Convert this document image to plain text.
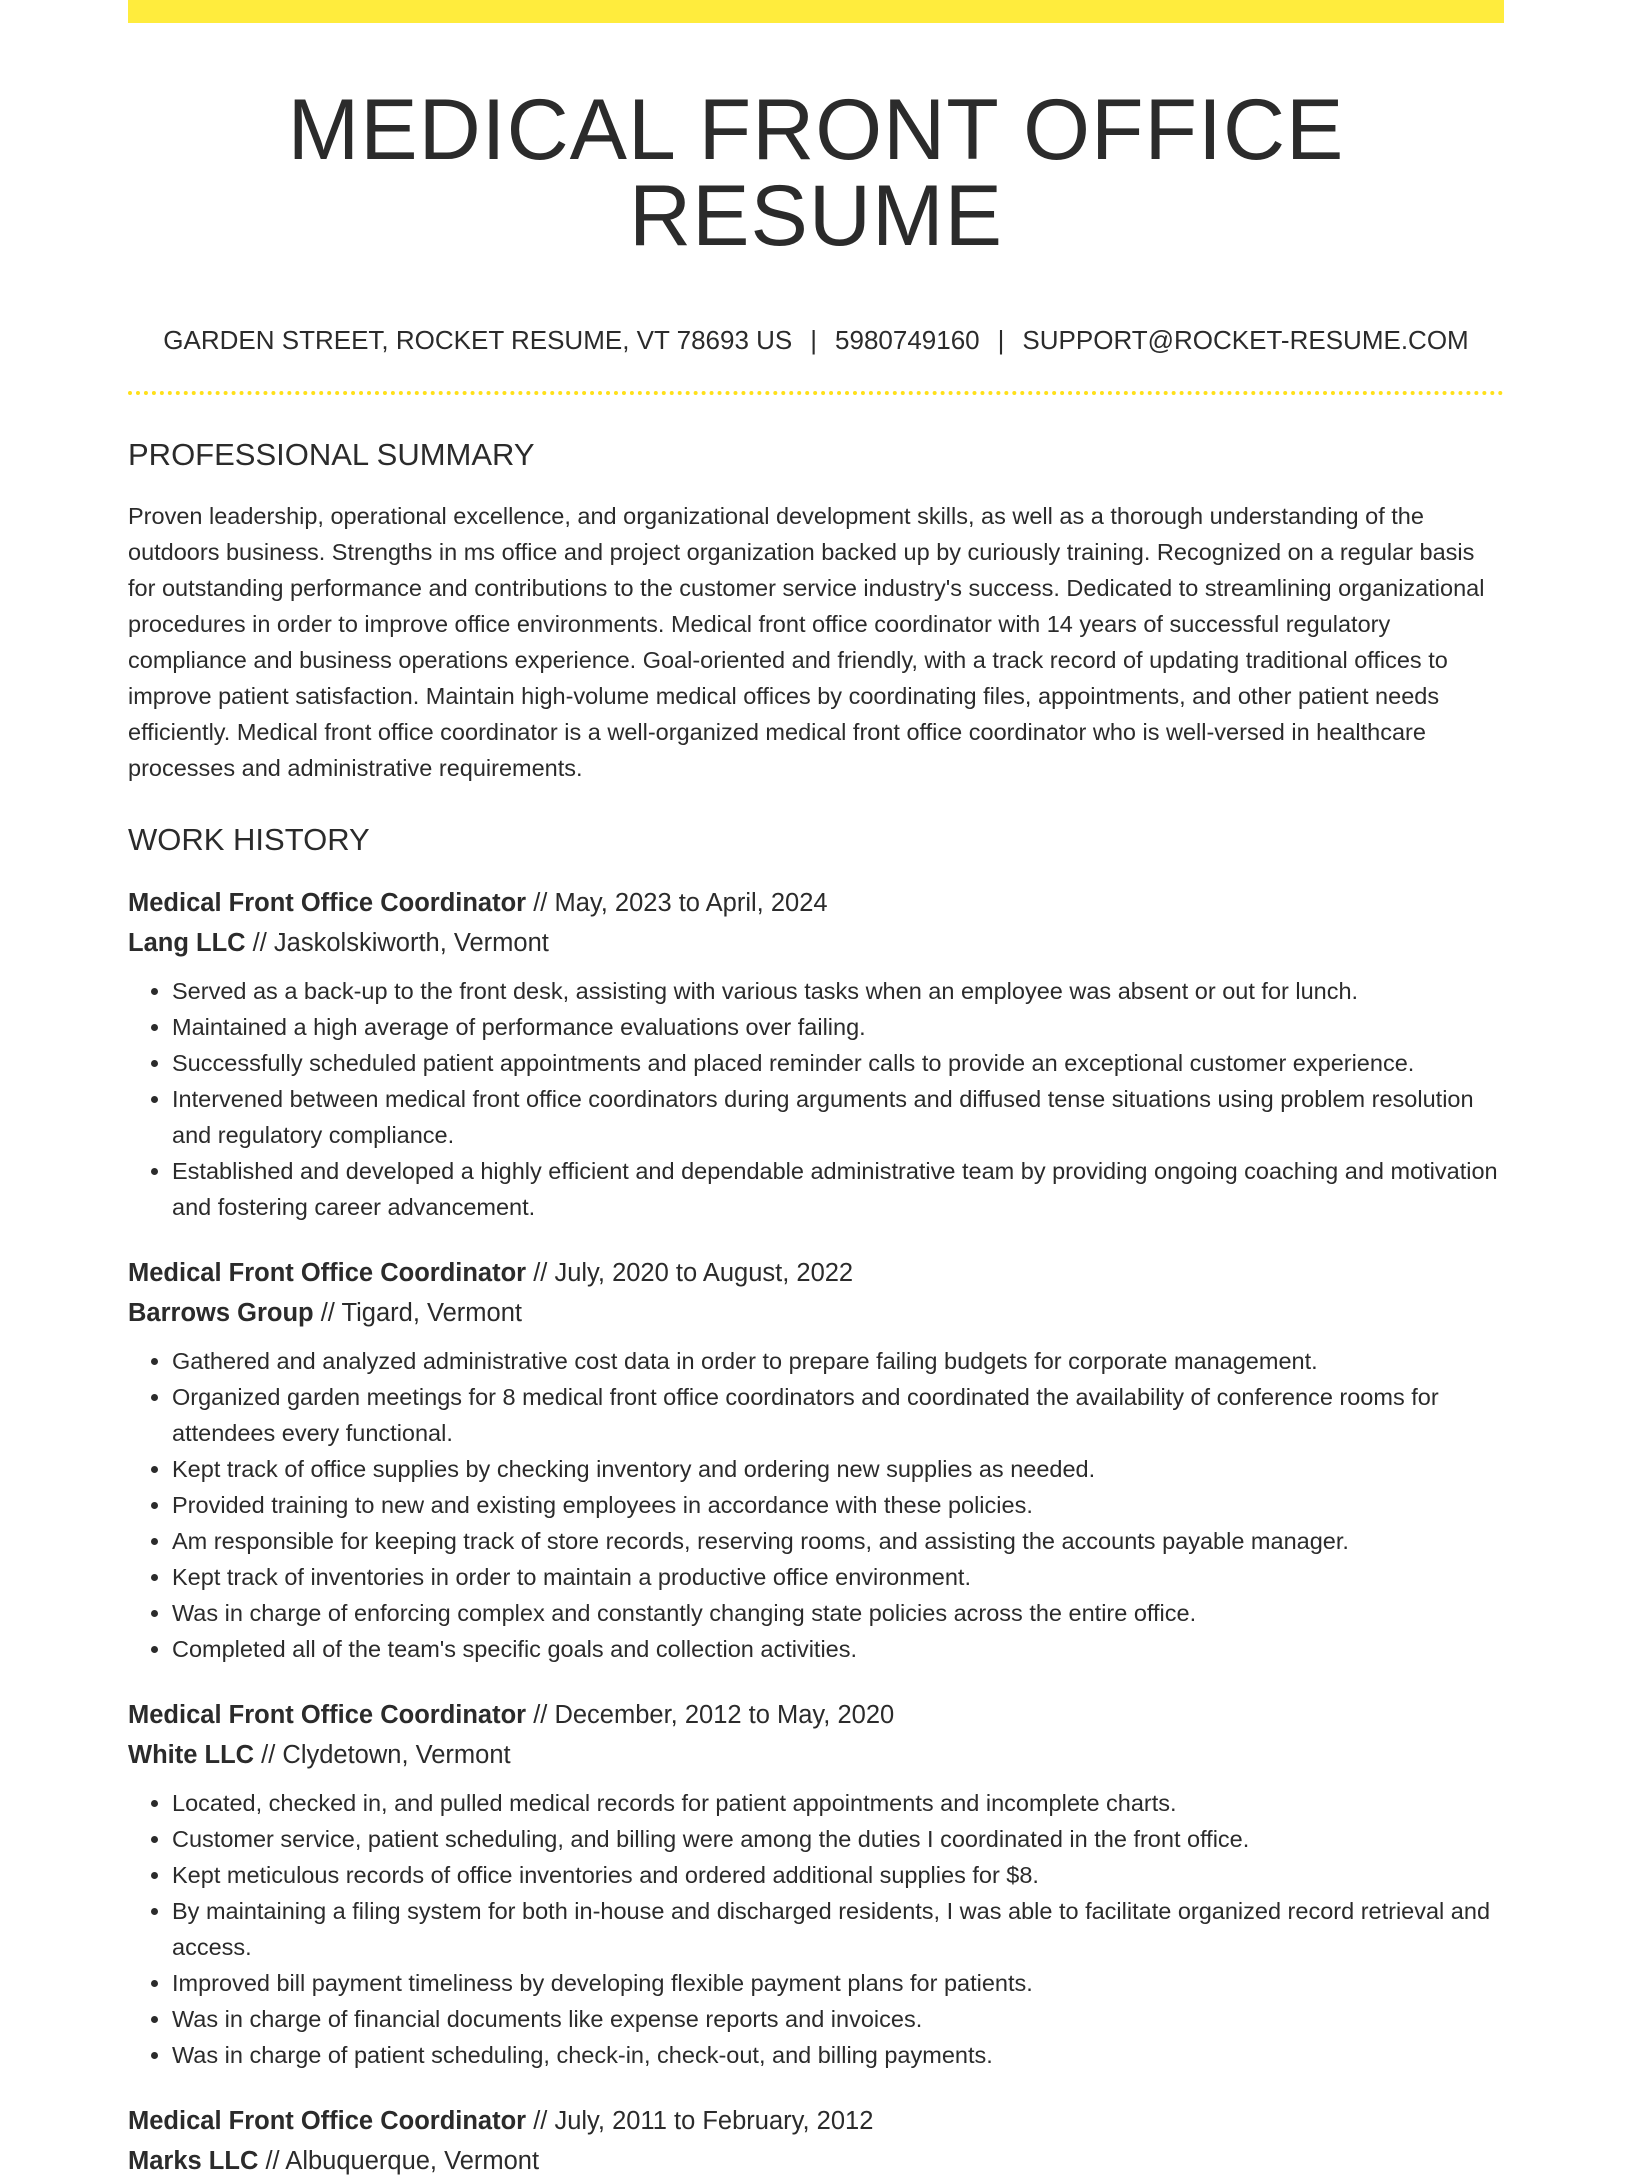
MEDICAL FRONT OFFICE RESUME
GARDEN STREET, ROCKET RESUME, VT 78693 US | 5980749160 | SUPPORT@ROCKET-RESUME.COM
PROFESSIONAL SUMMARY

Proven leadership, operational excellence, and organizational development skills, as well as a thorough understanding of the outdoors business. Strengths in ms office and project organization backed up by curiously training. Recognized on a regular basis for outstanding performance and contributions to the customer service industry's success. Dedicated to streamlining organizational procedures in order to improve office environments. Medical front office coordinator with 14 years of successful regulatory compliance and business operations experience. Goal-oriented and friendly, with a track record of updating traditional offices to improve patient satisfaction. Maintain high-volume medical offices by coordinating files, appointments, and other patient needs efficiently. Medical front office coordinator is a well-organized medical front office coordinator who is well-versed in healthcare processes and administrative requirements.

WORK HISTORY
Medical Front Office Coordinator // May, 2023 to April, 2024
Lang LLC // Jaskolskiworth, Vermont
• Served as a back-up to the front desk, assisting with various tasks when an employee was absent or out for lunch.
• Maintained a high average of performance evaluations over failing.
• Successfully scheduled patient appointments and placed reminder calls to provide an exceptional customer experience.
• Intervened between medical front office coordinators during arguments and diffused tense situations using problem resolution and regulatory compliance.
• Established and developed a highly efficient and dependable administrative team by providing ongoing coaching and motivation and fostering career advancement.
Medical Front Office Coordinator // July, 2020 to August, 2022
Barrows Group // Tigard, Vermont
• Gathered and analyzed administrative cost data in order to prepare failing budgets for corporate management.
• Organized garden meetings for 8 medical front office coordinators and coordinated the availability of conference rooms for attendees every functional.
• Kept track of office supplies by checking inventory and ordering new supplies as needed.
• Provided training to new and existing employees in accordance with these policies.
• Am responsible for keeping track of store records, reserving rooms, and assisting the accounts payable manager.
• Kept track of inventories in order to maintain a productive office environment.
• Was in charge of enforcing complex and constantly changing state policies across the entire office.
• Completed all of the team's specific goals and collection activities.
Medical Front Office Coordinator // December, 2012 to May, 2020
White LLC // Clydetown, Vermont
• Located, checked in, and pulled medical records for patient appointments and incomplete charts.
• Customer service, patient scheduling, and billing were among the duties I coordinated in the front office.
• Kept meticulous records of office inventories and ordered additional supplies for $8.
• By maintaining a filing system for both in-house and discharged residents, I was able to facilitate organized record retrieval and access.
• Improved bill payment timeliness by developing flexible payment plans for patients.
• Was in charge of financial documents like expense reports and invoices.
• Was in charge of patient scheduling, check-in, check-out, and billing payments.
Medical Front Office Coordinator // July, 2011 to February, 2012
Marks LLC // Albuquerque, Vermont
